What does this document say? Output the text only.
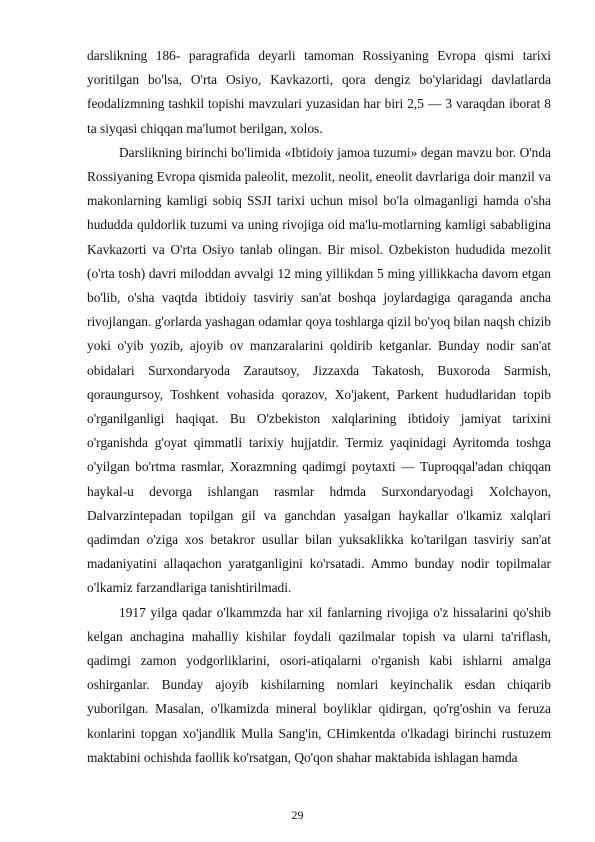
darslikning 186- paragrafida deyarli tamoman Rossiyaning Evropa qismi tarixi yoritilgan bo'lsa, O'rta Osiyo, Kavkazorti, qora dengiz bo'ylaridagi davlatlarda feodalizmning tashkil topishi mavzulari yuzasidan har biri 2,5 — 3 varaqdan iborat 8 ta siyqasi chiqqan ma'lumot berilgan, xolos.

Darslikning birinchi bo'limida «Ibtidoiy jamoa tuzumi» degan mavzu bor. O'nda Rossiyaning Evropa qismida paleolit, mezolit, neolit, eneolit davrlariga doir manzil va makonlarning kamligi sobiq SSJI tarixi uchun misol bo'la olmaganligi hamda o'sha hududda quldorlik tuzumi va uning rivojiga oid ma'lu-motlarning kamligi sababligina Kavkazorti va O'rta Osiyo tanlab olingan. Bir misol. Ozbekiston hududida mezolit (o'rta tosh) davri miloddan avvalgi 12 ming yillikdan 5 ming yillikkacha davom etgan bo'lib, o'sha vaqtda ibtidoiy tasviriy san'at boshqa joylardagiga qaraganda ancha rivojlangan. g'orlarda yashagan odamlar qoya toshlarga qizil bo'yoq bilan naqsh chizib yoki o'yib yozib, ajoyib ov manzaralarini qoldirib ketganlar. Bunday nodir san'at obidalari Surxondaryoda Zarautsoy, Jizzaxda Takatosh, Buxoroda Sarmish, qoraungursoy, Toshkent vohasida qorazov, Xo'jakent, Parkent hududlaridan topib o'rganilganligi haqiqat. Bu O'zbekiston xalqlarining ibtidoiy jamiyat tarixini o'rganishda g'oyat qimmatli tarixiy hujjatdir. Termiz yaqinidagi Ayritomda toshga o'yilgan bo'rtma rasmlar, Xorazmning qadimgi poytaxti — Tuproqqal'adan chiqqan haykal-u devorga ishlangan rasmlar hdmda Surxondaryodagi Xolchayon, Dalvarzintepadan topilgan gil va ganchdan yasalgan haykallar o'lkamiz xalqlari qadimdan o'ziga xos betakror usullar bilan yuksaklikka ko'tarilgan tasviriy san'at madaniyatini allaqachon yaratganligini ko'rsatadi. Ammo bunday nodir topilmalar o'lkamiz farzandlariga tanishtirilmadi.

1917 yilga qadar o'lkammzda har xil fanlarning rivojiga o'z hissalarini qo'shib kelgan anchagina mahalliy kishilar foydali qazilmalar topish va ularni ta'riflash, qadimgi zamon yodgorliklarini, osori-atiqalarni o'rganish kabi ishlarni amalga oshirganlar. Bunday ajoyib kishilarning nomlari keyinchalik esdan chiqarib yuborilgan. Masalan, o'lkamizda mineral boyliklar qidirgan, qo'rg'oshin va feruza konlarini topgan xo'jandlik Mulla Sang'in, CHimkentda o'lkadagi birinchi rustuzem maktabini ochishda faollik ko'rsatgan, Qo'qon shahar maktabida ishlagan hamda

29
